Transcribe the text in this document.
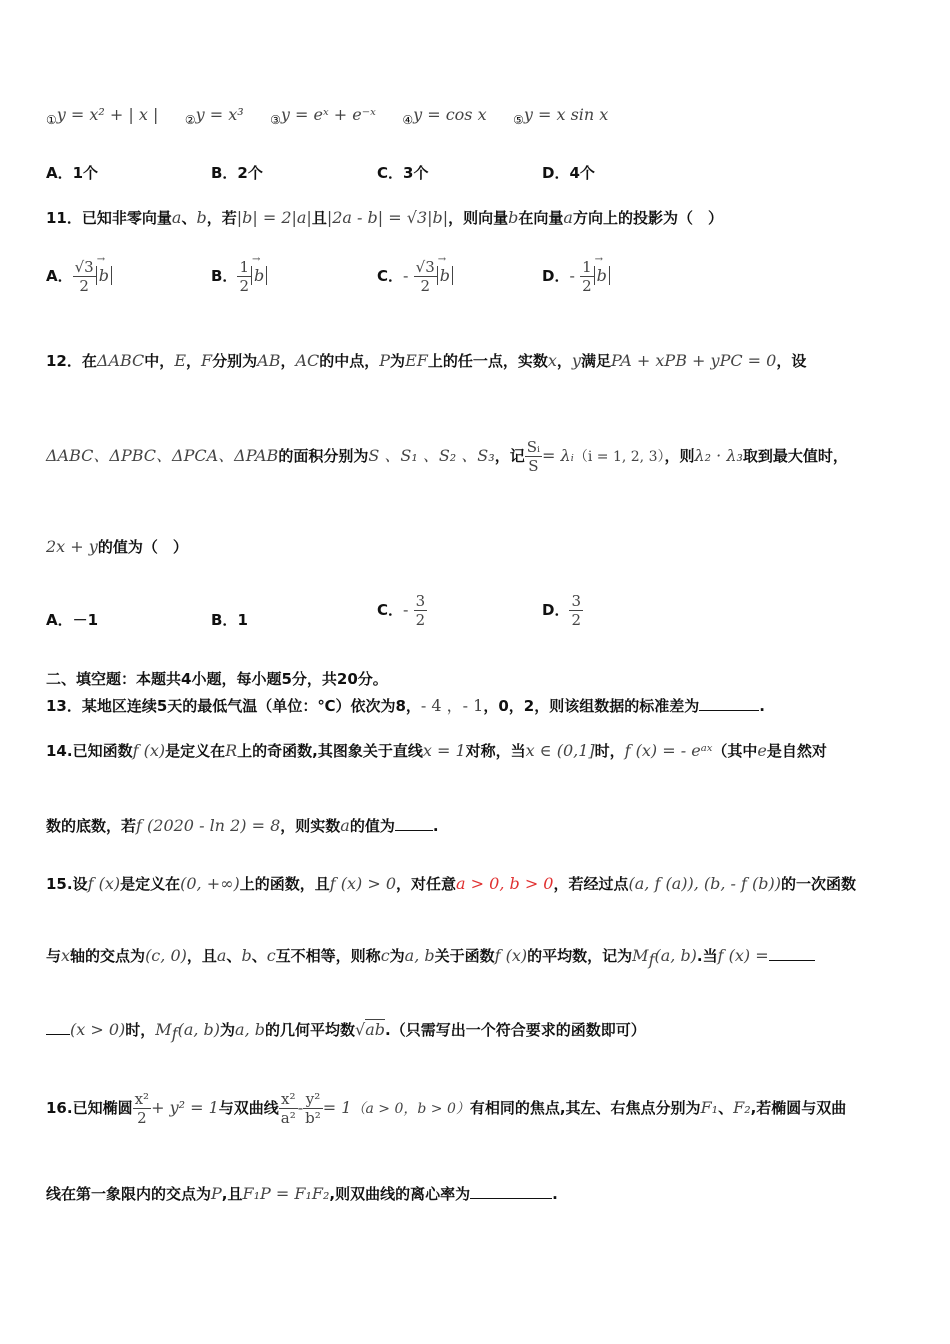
$_①$y = x² + | x | $_②$y = x³ $_③$y = eˣ + e⁻ˣ $_④$y = cos x $_⑤$y = x sin x
A．1个	B．2个	C．3个	D．4个
11．已知非零向量a、b，若|b| = 2|a|且|2a - b| = √3|b|，则向量b在向量a方向上的投影为（　）
A． $\frac{√3}{2}$
→ b	B． $\frac{1}{2}$
→ b	C．- $\frac{√3}{2}$
→ b	D．- $\frac{1}{2}$
→ b
12．在ΔABC中，E，F分别为AB，AC的中点，P为EF上的任一点，实数x，y满足PA + xPB + yPC = 0，设
ΔABC、ΔPBC、ΔPCA、ΔPAB的面积分别为S 、S₁ 、S₂ 、S₃，记 $\frac{\text{Sᵢ}}{S}$ = λᵢ（i = 1, 2, 3），则λ₂ · λ₃取到最大值时，
2x + y的值为（　）
A．－1	B．1
C．- $\frac{3}{2}$	D． $\frac{3}{2}$
二、填空题：本题共4小题，每小题5分，共20分。
13．某地区连续5天的最低气温（单位：℃）依次为8，- 4 ，- 1，0，2，则该组数据的标准差为	.
14.已知函数f (x)是定义在R上的奇函数,其图象关于直线x = 1对称，当x ∈ (0,1]时，f (x) = - eᵃˣ（其中e是自然对
数的底数，若f (2020 - ln 2) = 8，则实数a的值为	.
15.设f (x)是定义在(0, +∞)上的函数，且f (x) > 0，对任意a > 0, b > 0，若经过点(a, f (a)), (b, - f (b))的一次函数
与x轴的交点为(c, 0)，且a、b、c互不相等，则称c为a, b关于函数f (x)的平均数，记为$M_f(a$, b).当f (x) =
(x > 0)时，$M_f(a$, b)为a, b的几何平均数√ab.（只需写出一个符合要求的函数即可）
16.已知椭圆 $\frac{\text{x²}}{2} + y^2 = 1$与双曲线 $\frac{\text{x²}}{\text{a²}} - \frac{\text{y²}}{\text{b²}} = 1(a > 0$，b > 0）有相同的焦点,其左、右焦点分别为F₁、F₂,若椭圆与双曲
线在第一象限内的交点为P,且F₁P = F₁F₂,则双曲线的离心率为	.
